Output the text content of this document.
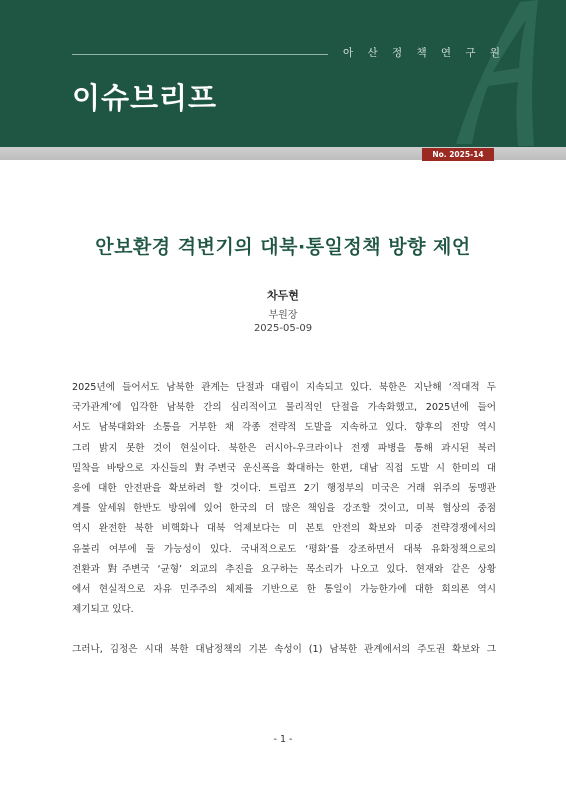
아 산 정 책 연 구 원
이슈브리프
No. 2025-14
안보환경 격변기의 대북·통일정책 방향 제언
차두현
부원장
2025-05-09
2025년에 들어서도 남북한 관계는 단절과 대립이 지속되고 있다. 북한은 지난해 ‘적대적 두
국가관계’에 입각한 남북한 간의 심리적이고 물리적인 단절을 가속화했고, 2025년에 들어
서도 남북대화와 소통을 거부한 채 각종 전략적 도발을 지속하고 있다. 향후의 전망 역시
그리 밝지 못한 것이 현실이다. 북한은 러시아-우크라이나 전쟁 파병을 통해 과시된 북러
밀착을 바탕으로 자신들의 對주변국 운신폭을 확대하는 한편, 대남 직접 도발 시 한미의 대
응에 대한 안전판을 확보하려 할 것이다. 트럼프 2기 행정부의 미국은 거래 위주의 동맹관
계를 앞세워 한반도 방위에 있어 한국의 더 많은 책임을 강조할 것이고, 미북 협상의 중점
역시 완전한 북한 비핵화나 대북 억제보다는 미 본토 안전의 확보와 미중 전략경쟁에서의
유불리 여부에 둘 가능성이 있다. 국내적으로도 ‘평화’를 강조하면서 대북 유화정책으로의
전환과 對주변국 ‘균형’ 외교의 추진을 요구하는 목소리가 나오고 있다. 현재와 같은 상황
에서 현실적으로 자유 민주주의 체제를 기반으로 한 통일이 가능한가에 대한 회의론 역시
제기되고 있다.
그러나, 김정은 시대 북한 대남정책의 기본 속성이 (1) 남북한 관계에서의 주도권 확보와 그
- 1 -
